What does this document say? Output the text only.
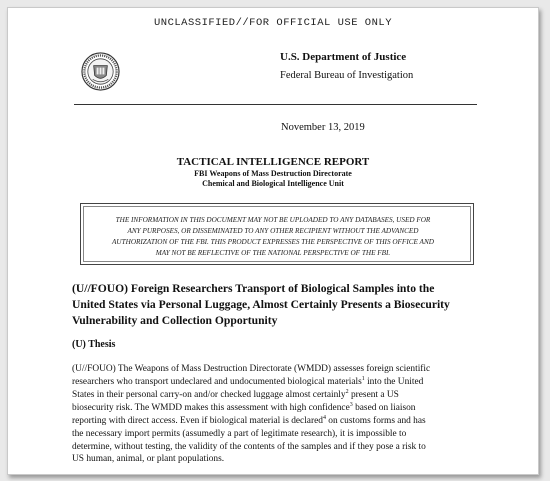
UNCLASSIFIED//FOR OFFICIAL USE ONLY
U.S. Department of Justice
Federal Bureau of Investigation
November 13, 2019
TACTICAL INTELLIGENCE REPORT
FBI Weapons of Mass Destruction Directorate
Chemical and Biological Intelligence Unit
THE INFORMATION IN THIS DOCUMENT MAY NOT BE UPLOADED TO ANY DATABASES, USED FOR
ANY PURPOSES, OR DISSEMINATED TO ANY OTHER RECIPIENT WITHOUT THE ADVANCED
AUTHORIZATION OF THE FBI. THIS PRODUCT EXPRESSES THE PERSPECTIVE OF THIS OFFICE AND
MAY NOT BE REFLECTIVE OF THE NATIONAL PERSPECTIVE OF THE FBI.
(U//FOUO) Foreign Researchers Transport of Biological Samples into the
United States via Personal Luggage, Almost Certainly Presents a Biosecurity
Vulnerability and Collection Opportunity
(U) Thesis
(U//FOUO) The Weapons of Mass Destruction Directorate (WMDD) assesses foreign scientific
researchers who transport undeclared and undocumented biological materials$^1$ into the United
States in their personal carry-on and/or checked luggage almost certainly$^2$ present a US
biosecurity risk. The WMDD makes this assessment with high confidence$^3$ based on liaison
reporting with direct access. Even if biological material is declared$^4$ on customs forms and has
the necessary import permits (assumedly a part of legitimate research), it is impossible to
determine, without testing, the validity of the contents of the samples and if they pose a risk to
US human, animal, or plant populations.
